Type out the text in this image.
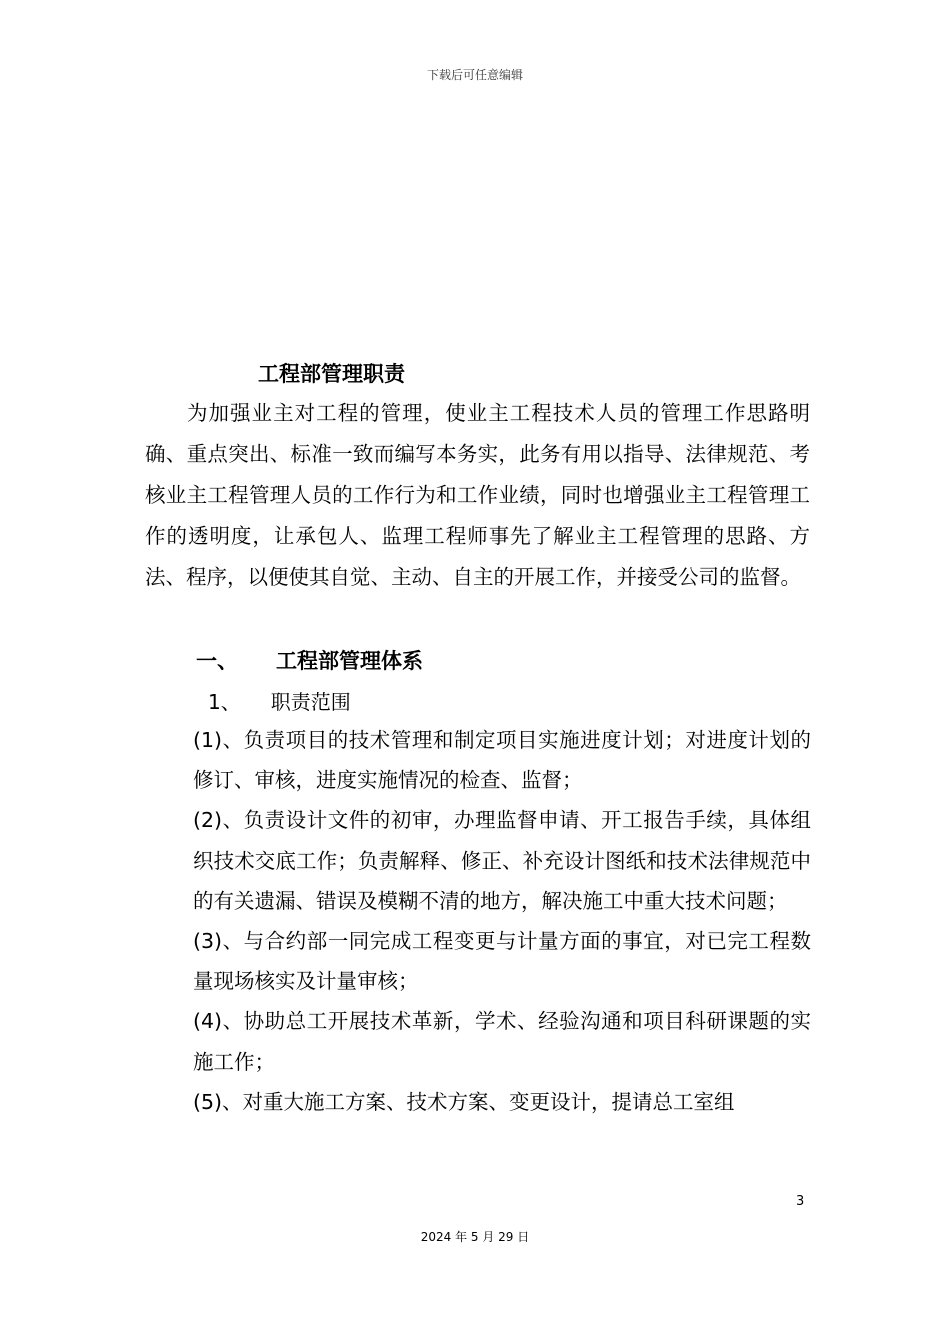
下载后可任意编辑
工程部管理职责

为加强业主对工程的管理，使业主工程技术人员的管理工作思路明确、重点突出、标准一致而编写本务实，此务有用以指导、法律规范、考核业主工程管理人员的工作行为和工作业绩，同时也增强业主工程管理工作的透明度，让承包人、监理工程师事先了解业主工程管理的思路、方法、程序，以便使其自觉、主动、自主的开展工作，并接受公司的监督。

一、 工程部管理体系
1、 职责范围

(1)、负责项目的技术管理和制定项目实施进度计划；对进度计划的修订、审核，进度实施情况的检查、监督；

(2)、负责设计文件的初审，办理监督申请、开工报告手续，具体组织技术交底工作；负责解释、修正、补充设计图纸和技术法律规范中的有关遗漏、错误及模糊不清的地方，解决施工中重大技术问题；

(3)、与合约部一同完成工程变更与计量方面的事宜，对已完工程数量现场核实及计量审核；

(4)、协助总工开展技术革新，学术、经验沟通和项目科研课题的实施工作；

(5)、对重大施工方案、技术方案、变更设计，提请总工室组

3
2024 年 5 月 29 日
